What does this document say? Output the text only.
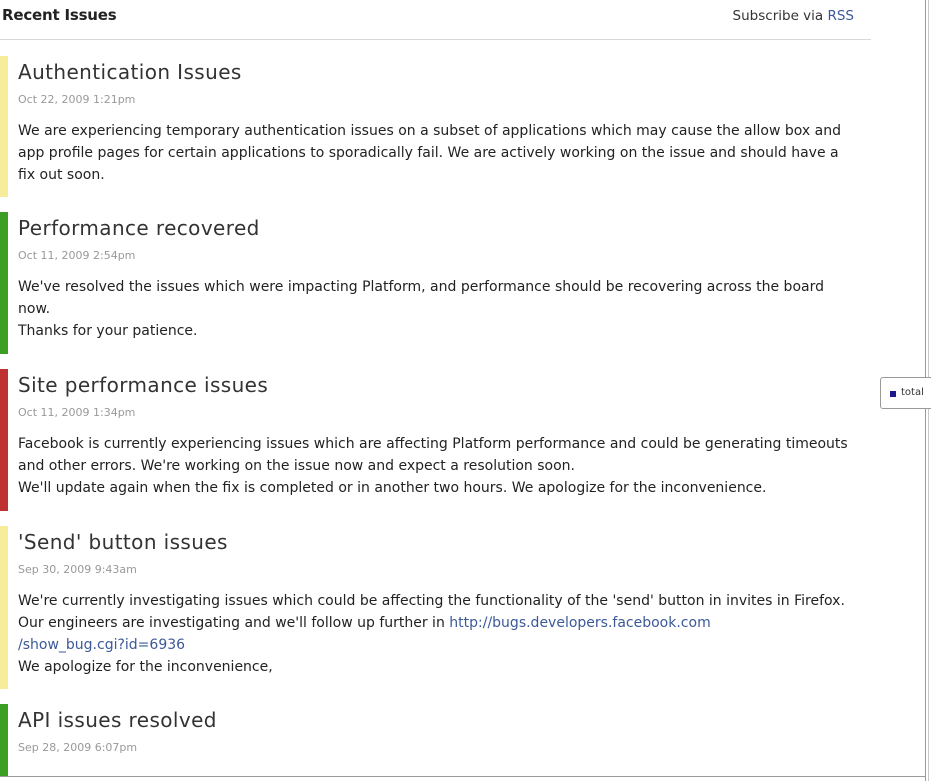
Recent Issues	Subscribe via RSS
Authentication Issues
Oct 22, 2009 1:21pm
We are experiencing temporary authentication issues on a subset of applications which may cause the allow box and
app profile pages for certain applications to sporadically fail. We are actively working on the issue and should have a
fix out soon.
Performance recovered
Oct 11, 2009 2:54pm
We've resolved the issues which were impacting Platform, and performance should be recovering across the board
now.
Thanks for your patience.
Site performance issues
Oct 11, 2009 1:34pm
Facebook is currently experiencing issues which are affecting Platform performance and could be generating timeouts
and other errors. We're working on the issue now and expect a resolution soon.
We'll update again when the fix is completed or in another two hours. We apologize for the inconvenience.
'Send' button issues
Sep 30, 2009 9:43am
We're currently investigating issues which could be affecting the functionality of the 'send' button in invites in Firefox.
Our engineers are investigating and we'll follow up further in http://bugs.developers.facebook.com
/show_bug.cgi?id=6936
We apologize for the inconvenience,
API issues resolved
Sep 28, 2009 6:07pm
total
